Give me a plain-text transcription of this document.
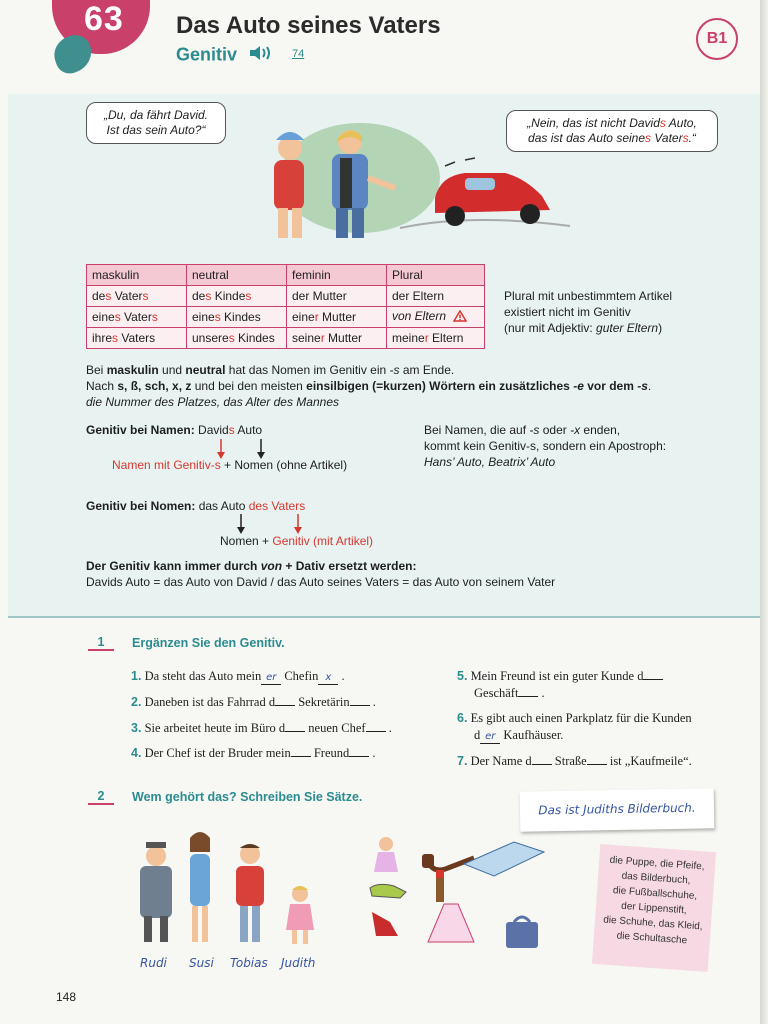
63 Das Auto seines Vaters
Genitiv	74
B1
„Du, da fährt David.
Ist das sein Auto?“	„Nein, das ist nicht Davids Auto,
das ist das Auto seines Vaters.“
maskulin	neutral	feminin	Plural
des Vaters	des Kindes	der Mutter	der Eltern
eines Vaters	eines Kindes	einer Mutter	von Eltern
ihres Vaters	unseres Kindes	seiner Mutter	meiner Eltern
Plural mit unbestimmtem Artikel
existiert nicht im Genitiv
(nur mit Adjektiv: guter Eltern)
Bei maskulin und neutral hat das Nomen im Genitiv ein -s am Ende.
Nach s, ß, sch, x, z und bei den meisten einsilbigen (=kurzen) Wörtern ein zusätzliches -e vor dem -s.
die Nummer des Platzes, das Alter des Mannes
Genitiv bei Namen: Davids Auto
Namen mit Genitiv-s + Nomen (ohne Artikel)
Bei Namen, die auf -s oder -x enden,
kommt kein Genitiv-s, sondern ein Apostroph:
Hans’ Auto, Beatrix’ Auto
Genitiv bei Nomen: das Auto des Vaters
Nomen + Genitiv (mit Artikel)
Der Genitiv kann immer durch von + Dativ ersetzt werden:
Davids Auto = das Auto von David / das Auto seines Vaters = das Auto von seinem Vater
1	Ergänzen Sie den Genitiv.
1. Da steht das Auto mein er Chefin x .
2. Daneben ist das Fahrrad d Sekretärin .
3. Sie arbeitet heute im Büro d neuen Chef .
4. Der Chef ist der Bruder mein Freund .
5. Mein Freund ist ein guter Kunde d
Geschäft .
6. Es gibt auch einen Parkplatz für die Kunden
d er Kaufhäuser.
7. Der Name d Straße ist „Kaufmeile“.
2	Wem gehört das? Schreiben Sie Sätze.
Das ist Judiths Bilderbuch.
Rudi Susi Tobias Judith
die Puppe, die Pfeife,
das Bilderbuch,
die Fußballschuhe,
der Lippenstift,
die Schuhe, das Kleid,
die Schultasche
148
